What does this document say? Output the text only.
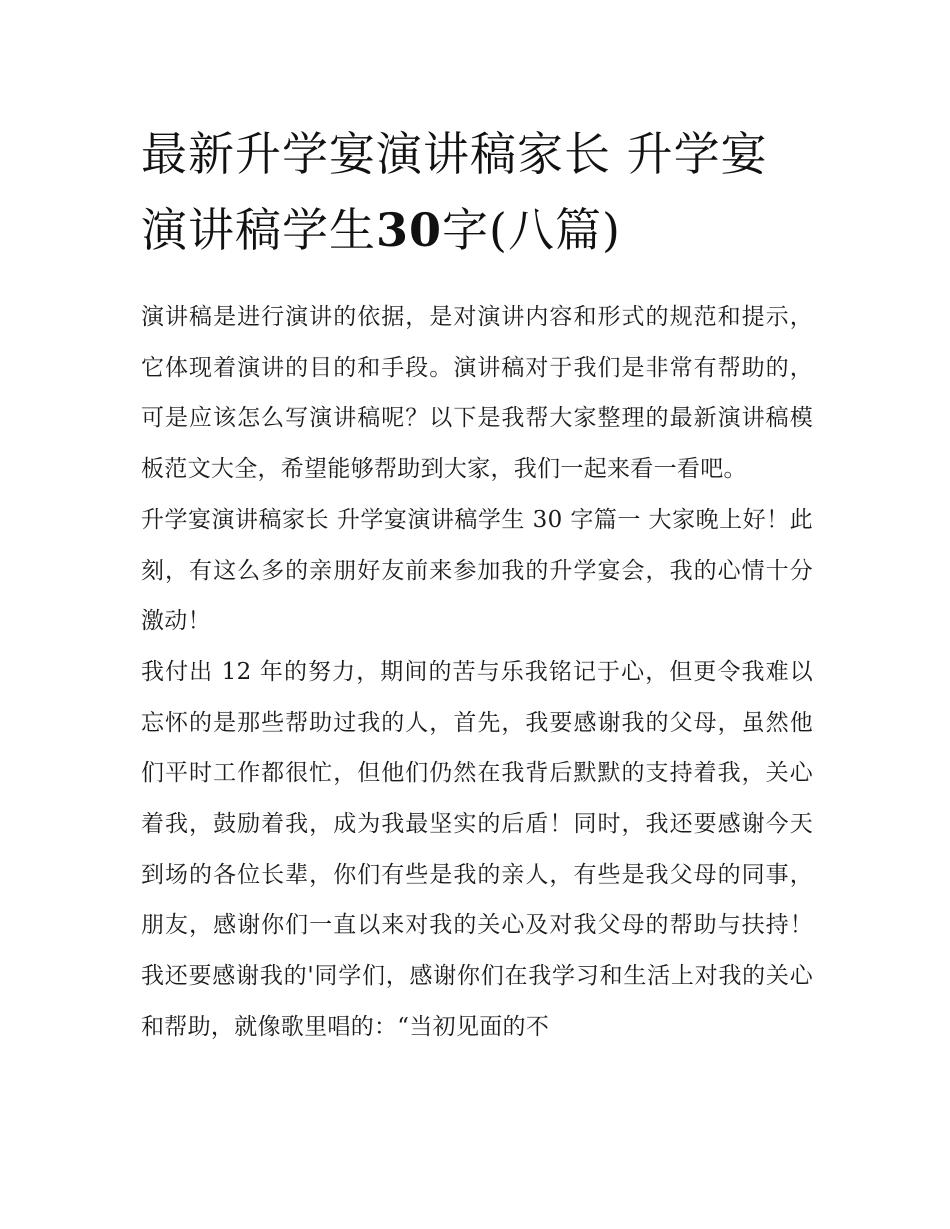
最新升学宴演讲稿家长 升学宴演讲稿学生30字(八篇)

演讲稿是进行演讲的依据，是对演讲内容和形式的规范和提示，它体现着演讲的目的和手段。演讲稿对于我们是非常有帮助的，可是应该怎么写演讲稿呢？以下是我帮大家整理的最新演讲稿模板范文大全，希望能够帮助到大家，我们一起来看一看吧。

升学宴演讲稿家长 升学宴演讲稿学生 30 字篇一 大家晚上好！此刻，有这么多的亲朋好友前来参加我的升学宴会，我的心情十分激动！

我付出 12 年的努力，期间的苦与乐我铭记于心，但更令我难以忘怀的是那些帮助过我的人，首先，我要感谢我的父母，虽然他们平时工作都很忙，但他们仍然在我背后默默的支持着我，关心着我，鼓励着我，成为我最坚实的后盾！同时，我还要感谢今天到场的各位长辈，你们有些是我的亲人，有些是我父母的同事，朋友，感谢你们一直以来对我的关心及对我父母的帮助与扶持！我还要感谢我的'同学们，感谢你们在我学习和生活上对我的关心和帮助，就像歌里唱的：“当初见面的不
